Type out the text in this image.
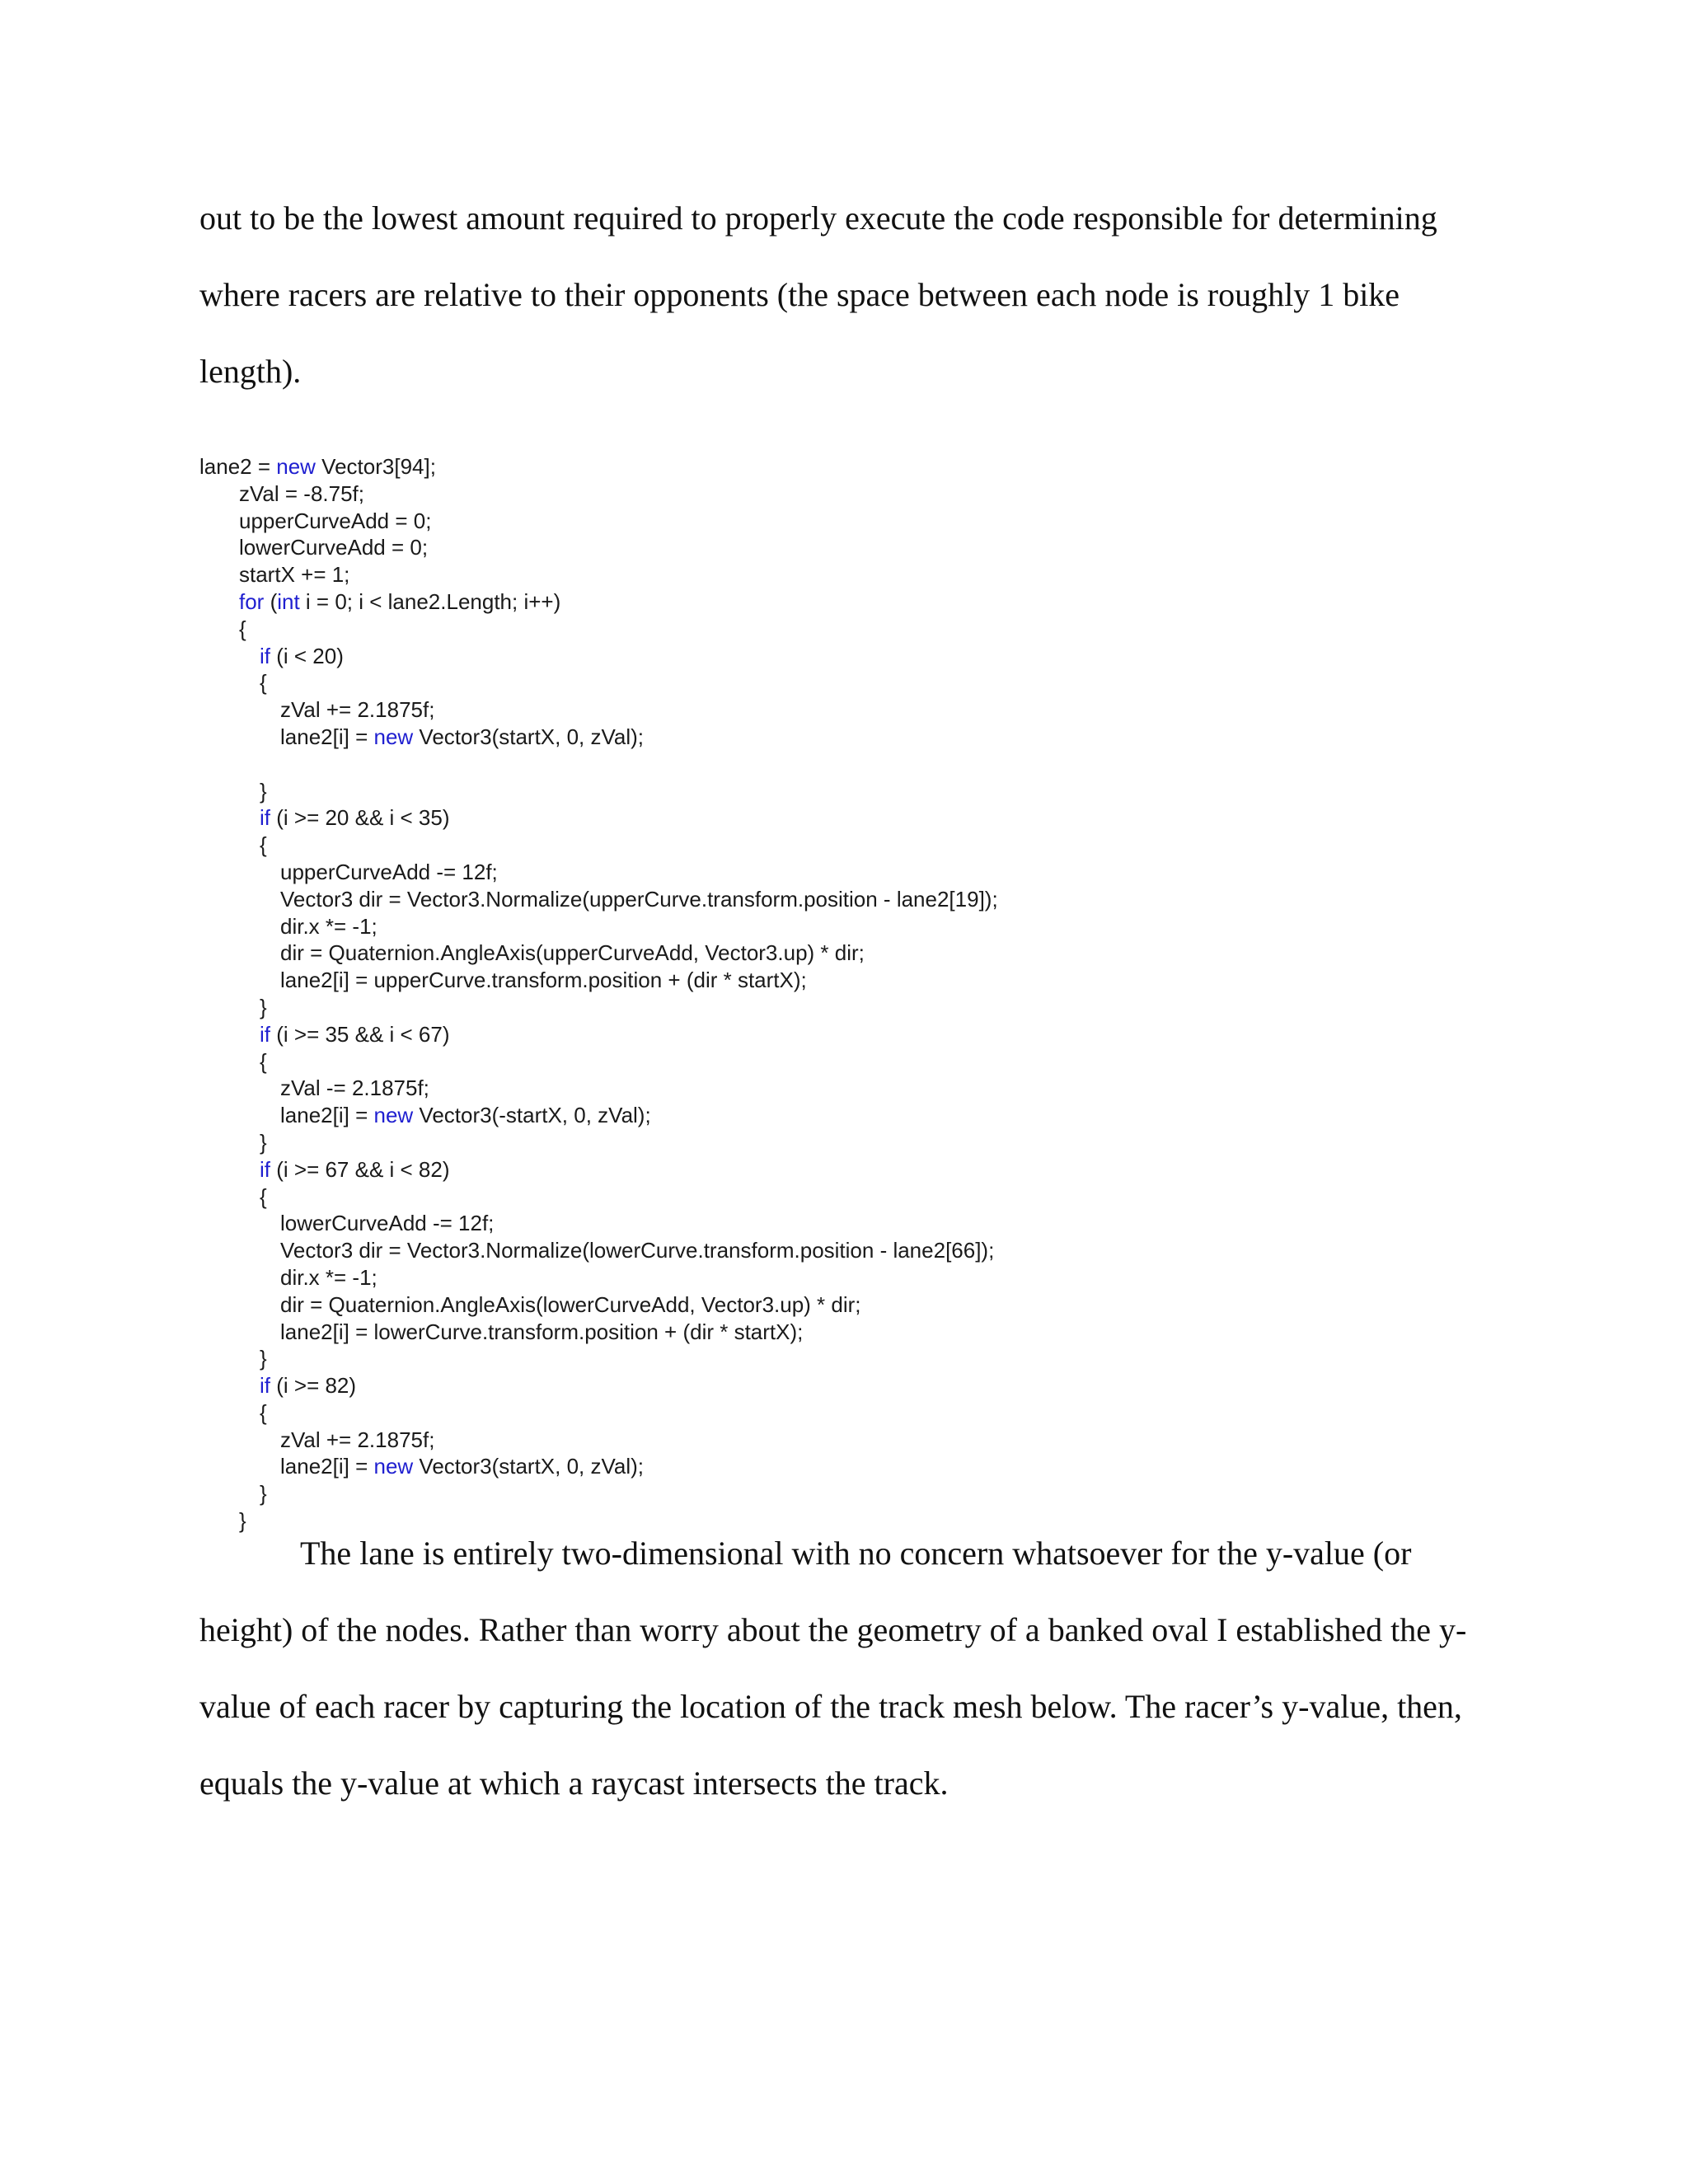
out to be the lowest amount required to properly execute the code responsible for determining
where racers are relative to their opponents (the space between each node is roughly 1 bike
length).
lane2 = new Vector3[94];
zVal = -8.75f;
upperCurveAdd = 0;
lowerCurveAdd = 0;
startX += 1;
for (int i = 0; i < lane2.Length; i++)
{
if (i < 20)
{
zVal += 2.1875f;
lane2[i] = new Vector3(startX, 0, zVal);
}
if (i >= 20 && i < 35)
{
upperCurveAdd -= 12f;
Vector3 dir = Vector3.Normalize(upperCurve.transform.position - lane2[19]);
dir.x *= -1;
dir = Quaternion.AngleAxis(upperCurveAdd, Vector3.up) * dir;
lane2[i] = upperCurve.transform.position + (dir * startX);
}
if (i >= 35 && i < 67)
{
zVal -= 2.1875f;
lane2[i] = new Vector3(-startX, 0, zVal);
}
if (i >= 67 && i < 82)
{
lowerCurveAdd -= 12f;
Vector3 dir = Vector3.Normalize(lowerCurve.transform.position - lane2[66]);
dir.x *= -1;
dir = Quaternion.AngleAxis(lowerCurveAdd, Vector3.up) * dir;
lane2[i] = lowerCurve.transform.position + (dir * startX);
}
if (i >= 82)
{
zVal += 2.1875f;
lane2[i] = new Vector3(startX, 0, zVal);
}
}
The lane is entirely two-dimensional with no concern whatsoever for the y-value (or
height) of the nodes. Rather than worry about the geometry of a banked oval I established the y-
value of each racer by capturing the location of the track mesh below. The racer’s y-value, then,
equals the y-value at which a raycast intersects the track.
